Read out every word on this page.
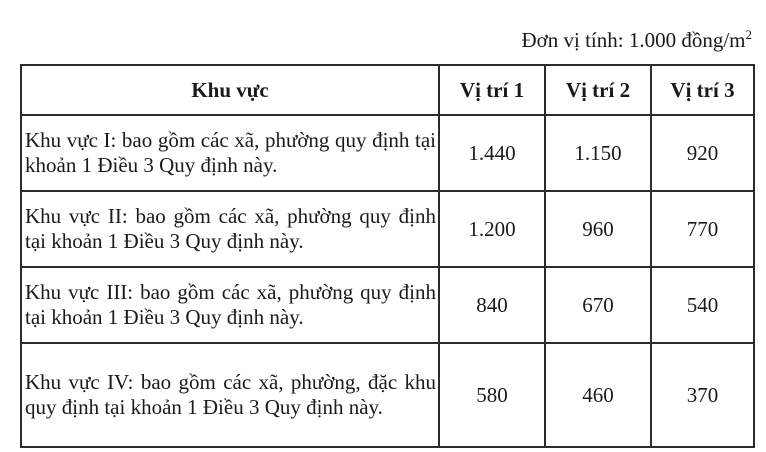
Đơn vị tính: 1.000 đồng/$m^2$
Khu vực	Vị trí 1	Vị trí 2	Vị trí 3
Khu vực I: bao gồm các xã, phường quy định tại khoản 1 Điều 3 Quy định này.	1.440	1.150	920
Khu vực II: bao gồm các xã, phường quy định tại khoản 1 Điều 3 Quy định này.	1.200	960	770
Khu vực III: bao gồm các xã, phường quy định tại khoản 1 Điều 3 Quy định này.	840	670	540
Khu vực IV: bao gồm các xã, phường, đặc khu quy định tại khoản 1 Điều 3 Quy định này.	580	460	370
